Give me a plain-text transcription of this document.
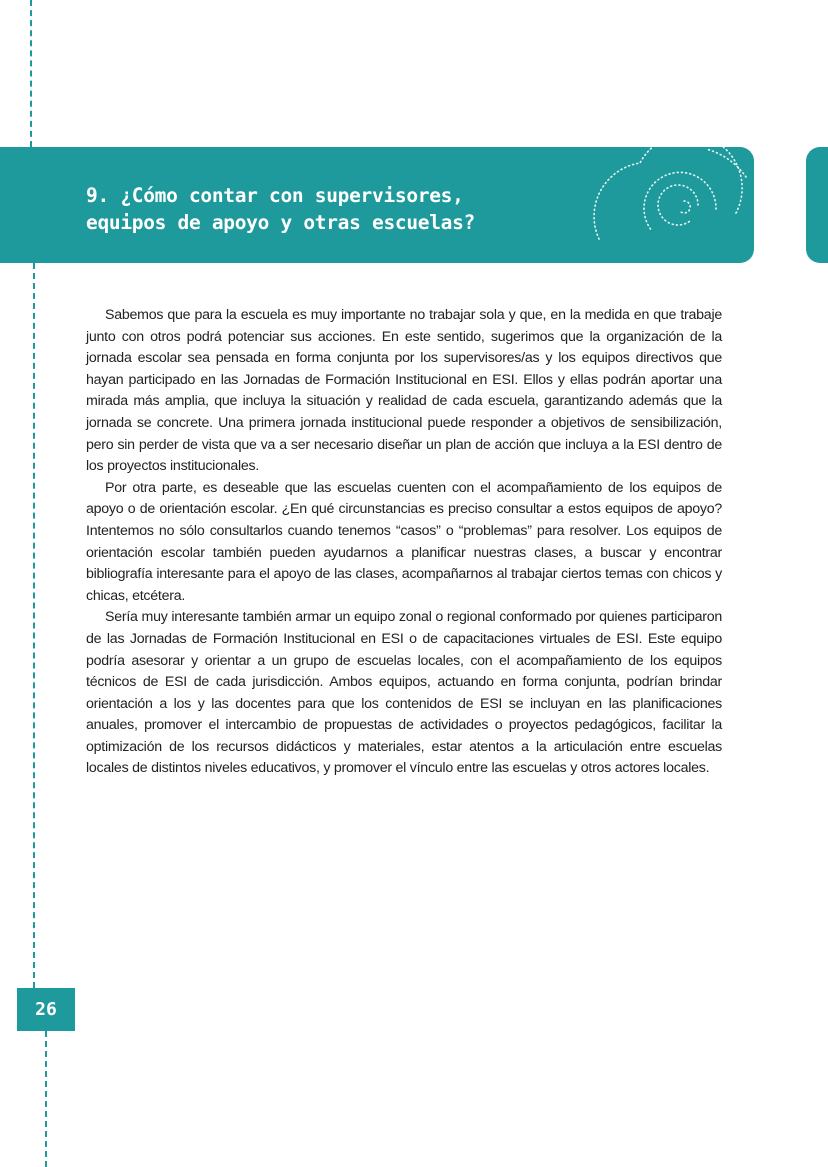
9. ¿Cómo contar con supervisores,
equipos de apoyo y otras escuelas?

Sabemos que para la escuela es muy importante no trabajar sola y que, en la medida en que trabaje junto con otros podrá potenciar sus acciones. En este sentido, sugerimos que la organización de la jornada escolar sea pensada en forma conjunta por los supervisores/as y los equipos directivos que hayan participado en las Jornadas de Formación Institucional en ESI. Ellos y ellas podrán aportar una mirada más amplia, que incluya la situación y realidad de cada escuela, garantizando además que la jornada se concrete. Una primera jornada institucional puede responder a objetivos de sensibilización, pero sin perder de vista que va a ser necesario diseñar un plan de acción que incluya a la ESI dentro de los proyectos institucionales.

Por otra parte, es deseable que las escuelas cuenten con el acompañamiento de los equipos de apoyo o de orientación escolar. ¿En qué circunstancias es preciso consultar a estos equipos de apoyo? Intentemos no sólo consultarlos cuando tenemos “casos” o “problemas” para resolver. Los equipos de orientación escolar también pueden ayudarnos a planificar nuestras clases, a buscar y encontrar bibliografía interesante para el apoyo de las clases, acompañarnos al trabajar ciertos temas con chicos y chicas, etcétera.

Sería muy interesante también armar un equipo zonal o regional conformado por quienes participaron de las Jornadas de Formación Institucional en ESI o de capacitaciones virtuales de ESI. Este equipo podría asesorar y orientar a un grupo de escuelas locales, con el acompañamiento de los equipos técnicos de ESI de cada jurisdicción. Ambos equipos, actuando en forma conjunta, podrían brindar orientación a los y las docentes para que los contenidos de ESI se incluyan en las planificaciones anuales, promover el intercambio de propuestas de actividades o proyectos pedagógicos, facilitar la optimización de los recursos didácticos y materiales, estar atentos a la articulación entre escuelas locales de distintos niveles educativos, y promover el vínculo entre las escuelas y otros actores locales.

26
